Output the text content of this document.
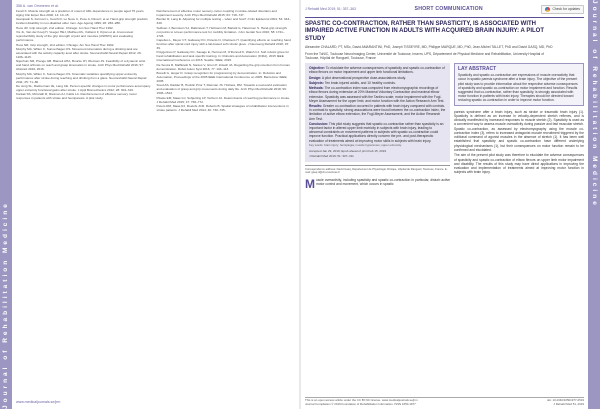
Journal of Rehabilitation Medicine JRM
356 A. van Ommeren et al.
Ferell K. Muscle strength as a predictor of onset of ADL dependence in people aged 75 years. Aging Clin Exper Res 2002; 14: 10–15.
Giampaoli S, Ferrucci L, Cecchi F, Lo Noce C, Poce A, Dima F, et al. Hand-grip strength predicts incident disability in non-disabled older men. Age Ageing 1999; 28: 283–288.
Hess JR. Grip strength. 2nd edition. Chicago: Am Soc Hand Ther 1992.
Vis JL, Van der Kooij H, Veeger HEJ, Mathieu RL, Vuillerot F, Krpan et al. A test-retest reproducibility study of the grip strength of joint and muscles (ASPRO) and evaluating performance.
Hess NR, Grip strength, 2nd edition. Chicago: Am Soc Hand Ther 1992.
Murphy MA, Willen C, Sunnerhagen KS. Movement kinematics during a drinking task are associated with the activity capacity level after stroke. Neurorehabil Neural Repair 2012; 26: 1106–1115.
Nijenhuis SM, Prange GB, Blameit AHA, Buurke JH, Rietman JS. Feasibility of a dynamic wrist and hand orthosis on reach and grasp kinematics in stroke. Arch Phys Med Rehabil 2016; 97: Abstract 2016, 2016.
Murphy MA, Willen C, Sunnerhagen KS. Kinematic variables quantifying upper-extremity performance after stroke during reaching and drinking from a glass. Neurorehabil Neural Repair 2011; 25: 71–80.
De Jong SL, Rietberman JE, Lang CE. Person-specific changes in motor performance accompany upper extremity functional gains after stroke. J Appl Biomechanics 2012; 28: 304–316.
Kantak SS, McGrath R, Rietman AJ, Kaltis LA. Reinforcement of effective sensory motor responses in patients with stroke and hemiparesis. A pilot study.
Reinforcement of effective motor sensory-motor coupling in stroke-related disorders and impairment severity. Arch Phys Med Rehabil 2015; 63: 718–737.
Bentler R, Lang E. Adjusting for multiple testing – when and how? J Clin Epidemiol 2001; 54: 343–349.
Sullivan J, Bernstein SJ, Rabinstein T, Hellmann M, Bariatti G, Halvorsen S. Hand-grip strength: cut points to screen performance test for mobility limitation. J Am Geriatr Soc 2010; 58: 1721–1726.
Capelles L, Meyer CT, Galloway KC, Polenis N, Chalmers H. Quantifying effects on reaching hand function after spinal cord injury with a lab-based soft robotic glove. J Neuroeng Rehabil 2018; 15: 39.
Polygerinos P, Galloway KC, Savage E, Herman M, O'Donnell K, Walsh CJ. Soft robotic glove for hand rehabilitation and task specific training. In: Robotics and Automation (ICRA), 2015 IEEE International Conference on 2015. Seattle: IEEE; 2015.
De Souza R, Maffiuletti N, Santos V, Giron P, Zoladz JA. Regarding the grip retention from human demonstration. Robot Auton Syst 2016; 77: 104–113.
Bonelli G, Ianger D. Grasp recognition for programming by demonstration. In: Robotics and Automation, Proceedings of the 2005 IEEE International Conference on 2005. Barcelona: IEEE; 2005.
Sood AS, Radder B, Hucklin Prior T, Rietman JS. Hollows, RM. Towards a real-world estimation and evaluation of grasp and grip movements during daily life. Arch Phys Med Rehabil 2018; 99: 1506–1513.
Pitasie EM, Maas GJ, Sohjerting LP, Verbunt JA. Determinants of reaching performance in stroke. J Rehabil Med 2015; 47: 766–772.
Peters RM, Maas RJ, Roelofs JCR, Roberts B. Spatial strategies of rehabilitation interventions in stroke patients. J Rehabil Med 2014; 46: 730–725.
www.medicaljournals.se/jrm
Journal of Rehabilitation Medicine
JRM
J Rehabil Med 2019; 51: 357–363	SHORT COMMUNICATION	Check for updates
SPASTIC CO-CONTRACTION, RATHER THAN SPASTICITY, IS ASSOCIATED WITH IMPAIRED ACTIVE FUNCTION IN ADULTS WITH ACQUIRED BRAIN INJURY: A PILOT STUDY
Alexandre CHALARD, PT, MSc, David AMARANTINI, PhD, Joseph TISSEYRE, MD, Philippe MARQUE, MD, PhD, Jean-Michel TALLET, PhD and David GASQ, MD, PhD
From the ToNIC, Toulouse NeuroImaging Center, Université de Toulouse, Inserm, UPS, Département de Physical Medicine and Rehabilitation, University Hospital of Toulouse, Hôpital de Rangueil, Toulouse, France
Objective: To elucidate the adverse consequences of spasticity and spastic co-contraction of elbow flexors on motor impairment and upper limb functional limitations.
Design: A pilot observational prospective dose-associations study.
Subjects: Ten brain-injured adults, and 10 healthy controls.
Methods: The co-contraction index was computed from electromyographic recordings of elbow flexors during extension at 20% Maximal Voluntary Contraction and maximal elbow extension. Spasticity was assessed with the Tardieu scale; motor impairment with the Fugl-Meyer Assessment for the upper limb, and motor function with the Action Research Arm Test.
Results: Greater co-contraction occurred in patients with brain injury compared with controls. In contrast to spasticity, strong associations were found between the co-contraction index, the limitation of active elbow extension, the Fugl-Meyer Assessment, and the Action Research Arm Test.
Conclusion: This pilot study suggests that spastic co-contraction rather than spasticity is an important factor in altered upper limb motricity in subjects with brain injury, leading to abnormal constraints on movement patterns in subjects with spastic co-contraction could improve function. Practical applications directly concern the pre- and post-therapeutic evaluation of treatments aimed at improving motor skills in subjects with brain injury.
Key words: brain injury; hemiplegia; muscle hypertonus; upper extremity.
Accepted Jan 29, 2019; Epub ahead of print Feb 15, 2019
J Rehabil Med 2019; 51: 307–311
Correspondence address: David Gasq, Département de Physiologie Clinique, Hôpital de Rangueil, Toulouse, France. E-mail: gasq.d@chu-toulouse.fr
M uscle overactivity, including spasticity and spastic co-contraction in particular, disturb active motor control and movement, which occurs in spastic
LAY ABSTRACT
Spasticity and spastic co-contraction are expressions of muscle overactivity that occur in spastic paresis syndrome after a brain injury. The objective of the present pilot study was to provide information about the respective adverse consequences of spasticity and spastic co-contraction on motor impairment and function. Results suggested that co-contraction, rather than spasticity, is strongly associated with motor function in patients with brain injury. Therapies should be directed toward reducing spastic co-contraction in order to improve motor function.
paresis syndrome after a brain injury, such as stroke or traumatic brain injury (1). Spasticity is defined as an increase in velocity-dependent stretch reflexes, and is clinically manifested by increased responses to muscle stretch (2). Spasticity is used as a convenient way to assess muscle overactivity during passive and fast muscular stretch. Spastic co-contraction, as assessed by electromyography using the muscle co-contraction index (3), refers to increased antagonist muscle recruitment triggered by the volitional command of agonist muscles in the absence of stretch (1). It has been well established that spasticity and spastic co-contraction have different underlying physiological mechanisms (1), but their consequences on motor function remain to be confirmed and elucidated.
The aim of the present pilot study was therefore to elucidate the adverse consequences of spasticity and spastic co-contraction of elbow flexors on upper limb motor impairment and disability. The results of this study may have direct applications in improving the evaluation and implementation of treatments aimed at improving motor function in subjects with brain injury.
This is an open access article under the CC BY-NC license. www.medicaljournals.se/jrm
Journal Compilation © 2019 Foundation of Rehabilitation Information. ISSN 1650-1977
doi: 10.2340/16501977-2519
J Rehabil Med 51, 2019
